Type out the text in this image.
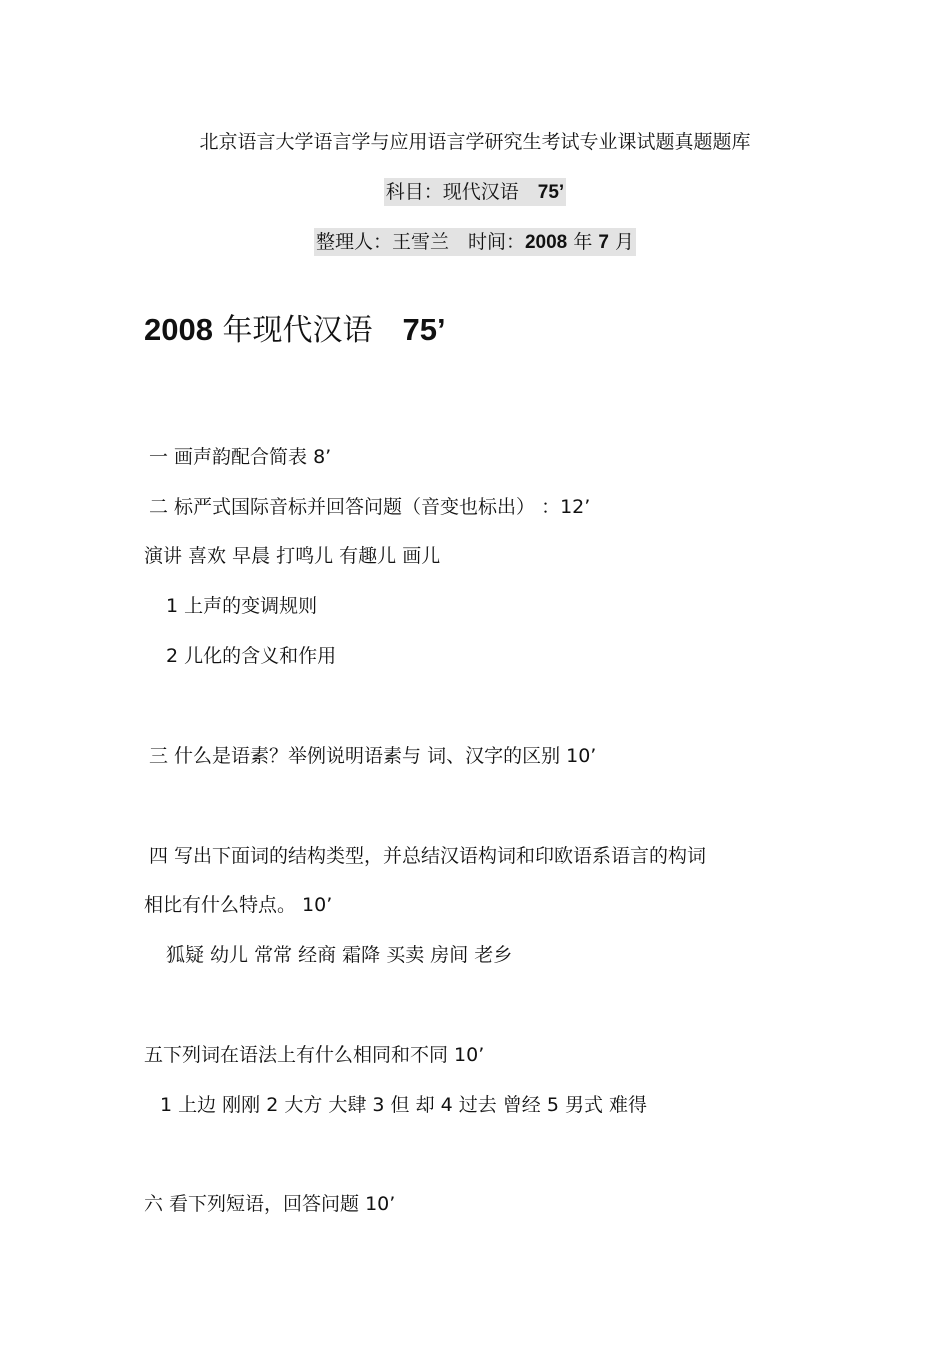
北京语言大学语言学与应用语言学研究生考试专业课试题真题题库
科目：现代汉语　 75’
整理人：王雪兰　时间：2008 年 7 月
2008 年现代汉语　 75’
一 画声韵配合简表 8’
二 标严式国际音标并回答问题（音变也标出） ：12’
演讲 喜欢 早晨 打鸣儿 有趣儿 画儿
1 上声的变调规则
2 儿化的含义和作用
三 什么是语素？举例说明语素与 词、汉字的区别 10’
四 写出下面词的结构类型，并总结汉语构词和印欧语系语言的构词
相比有什么特点。 10’
狐疑 幼儿 常常 经商 霜降 买卖 房间 老乡
五下列词在语法上有什么相同和不同 10’
1 上边 刚刚 2 大方 大肆 3 但 却 4 过去 曾经 5 男式 难得
六 看下列短语，回答问题 10’
